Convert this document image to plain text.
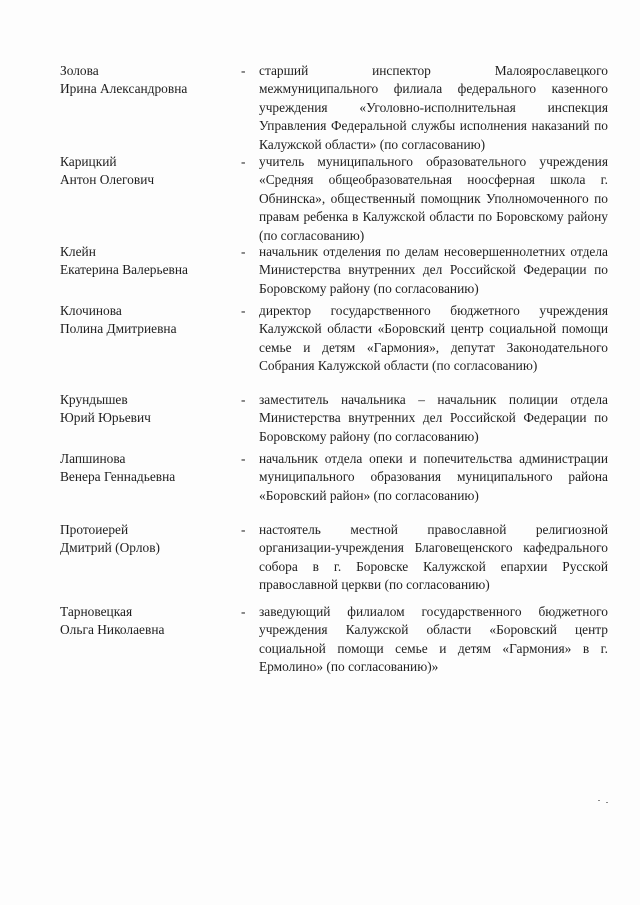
Золова
Ирина Александровна
- старший инспектор Малоярославецкого межмуниципального филиала федерального казенного учреждения «Уголовно-исполнительная инспекция Управления Федеральной службы исполнения наказаний по Калужской области» (по согласованию)
Карицкий
Антон Олегович
- учитель муниципального образовательного учреждения «Средняя общеобразовательная ноосферная школа г. Обнинска», общественный помощник Уполномоченного по правам ребенка в Калужской области по Боровскому району (по согласованию)
Клейн
Екатерина Валерьевна
- начальник отделения по делам несовершеннолетних отдела Министерства внутренних дел Российской Федерации по Боровскому району (по согласованию)
Клочинова
Полина Дмитриевна
- директор государственного бюджетного учреждения Калужской области «Боровский центр социальной помощи семье и детям «Гармония», депутат Законодательного Собрания Калужской области (по согласованию)
Крундышев
Юрий Юрьевич
- заместитель начальника – начальник полиции отдела Министерства внутренних дел Российской Федерации по Боровскому району (по согласованию)
Лапшинова
Венера Геннадьевна
- начальник отдела опеки и попечительства администрации муниципального образования муниципального района «Боровский район» (по согласованию)
Протоиерей
Дмитрий (Орлов)
- настоятель местной православной религиозной организации-учреждения Благовещенского кафедрального собора в г. Боровске Калужской епархии Русской православной церкви (по согласованию)
Тарновецкая
Ольга Николаевна
- заведующий филиалом государственного бюджетного учреждения Калужской области «Боровский центр социальной помощи семье и детям «Гармония» в г. Ермолино» (по согласованию)»
